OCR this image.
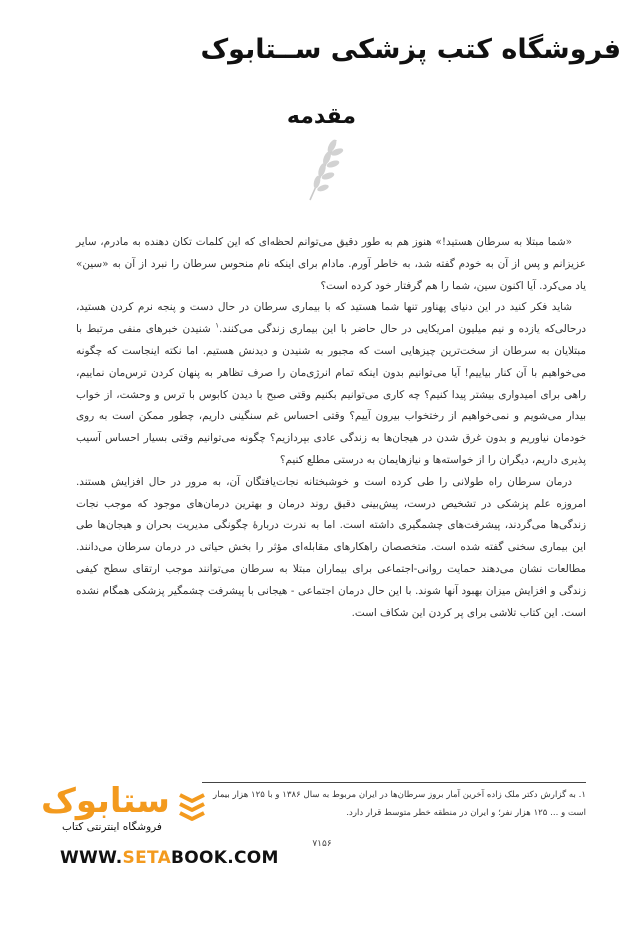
فروشگاه کتب پزشکی ســتابوک
مقدمه

«شما مبتلا به سرطان هستید!» هنوز هم به طور دقیق می‌توانم لحظه‌ای که این کلمات تکان دهنده به مادرم، سایر عزیزانم و پس از آن به خودم گفته شد، به خاطر آورم. مادام برای اینکه نام منحوس سرطان را نبرد از آن به «سین» یاد می‌کرد. آیا اکنون سین، شما را هم گرفتار خود کرده است؟

شاید فکر کنید در این دنیای پهناور تنها شما هستید که با بیماری سرطان در حال دست و پنجه نرم کردن هستید، درحالی‌که یازده و نیم میلیون امریکایی در حال حاضر با این بیماری زندگی می‌کنند.$^۱$ شنیدن خبرهای منفی مرتبط با مبتلایان به سرطان از سخت‌ترین چیزهایی است که مجبور به شنیدن و دیدنش هستیم. اما نکته اینجاست که چگونه می‌خواهیم با آن کنار بیاییم! آیا می‌توانیم بدون اینکه تمام انرژی‌مان را صرف تظاهر به پنهان کردن ترس‌مان نماییم، راهی برای امیدواری بیشتر پیدا کنیم؟ چه کاری می‌توانیم بکنیم وقتی صبح با دیدن کابوس با ترس و وحشت، از خواب بیدار می‌شویم و نمی‌خواهیم از رختخواب بیرون آییم؟ وقتی احساس غم سنگینی داریم، چطور ممکن است به روی خودمان نیاوریم و بدون غرق شدن در هیجان‌ها به زندگی عادی بپردازیم؟ چگونه می‌توانیم وقتی بسیار احساس آسیب پذیری داریم، دیگران را از خواسته‌ها و نیازهایمان به درستی مطلع کنیم؟

درمان سرطان راه طولانی را طی کرده است و خوشبختانه نجات‌یافتگان آن، به مرور در حال افزایش هستند. امروزه علم پزشکی در تشخیص درست، پیش‌بینی دقیق روند درمان و بهترین درمان‌های موجود که موجب نجات زندگی‌ها می‌گردند، پیشرفت‌های چشمگیری داشته است. اما به ندرت دربارهٔ چگونگی مدیریت بحران و هیجان‌ها طی این بیماری سخنی گفته شده است. متخصصان راهکارهای مقابله‌ای مؤثر را بخش حیاتی در درمان سرطان می‌دانند. مطالعات نشان می‌دهند حمایت روانی-اجتماعی برای بیماران مبتلا به سرطان می‌توانند موجب ارتقای سطح کیفی زندگی و افزایش میزان بهبود آنها شوند. با این حال درمان اجتماعی - هیجانی با پیشرفت چشمگیر پزشکی همگام نشده است. این کتاب تلاشی برای پر کردن این شکاف است.

۱. به گزارش دکتر ملک زاده آخرین آمار بروز سرطان‌ها در ایران مربوط به سال ۱۳۸۶ و با ۱۲۵ هزار بیمار است و ... ۱۲۵ هزار نفر؛ و ایران در منطقه خطر متوسط قرار دارد.
۷۱۵۶
ستابوک
فروشگاه اینترنتی کتاب
WWW.SETABOOK.COM
